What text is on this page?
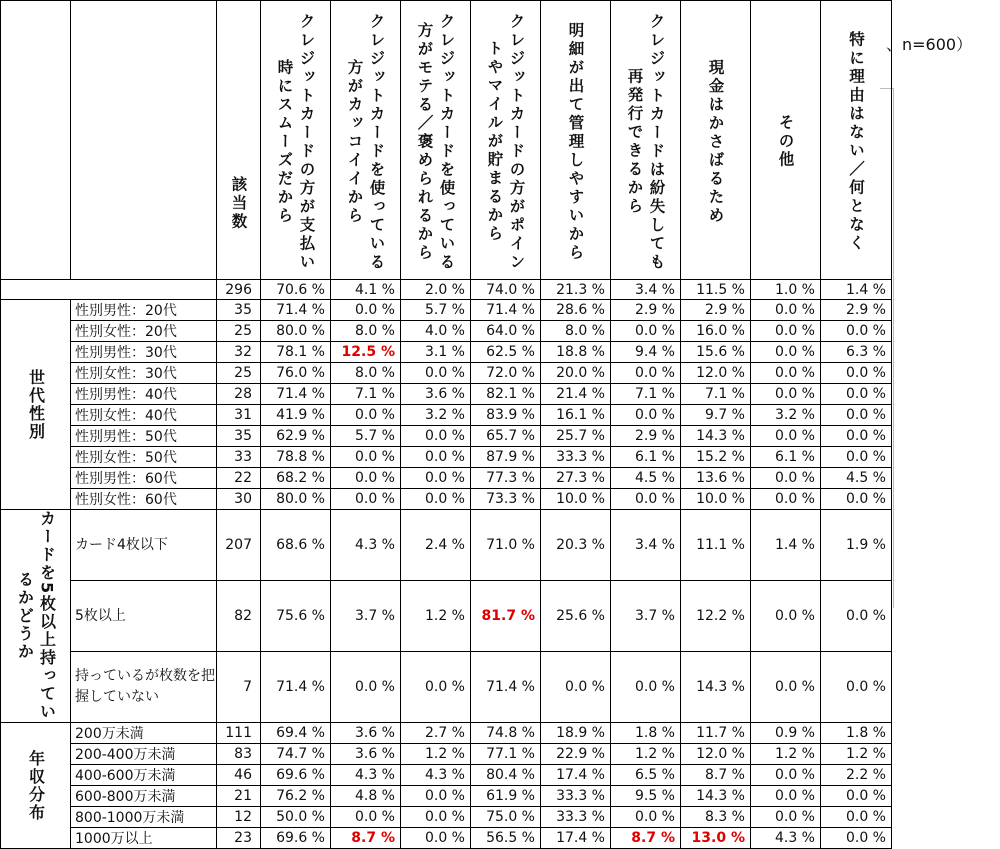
、n=600）

		該当数	クレジットカードの方が支払い時にスムーズだから	クレジットカードを使っている方がカッコイイから	クレジットカードを使っている方がモテる／褒められるから	クレジットカードの方がポイントやマイルが貯まるから	明細が出て管理しやすいから	クレジットカードは紛失しても再発行できるから	現金はかさばるため	その他	特に理由はない／何となく

		296	70.6 %	4.1 %	2.0 %	74.0 %	21.3 %	3.4 %	11.5 %	1.0 %	1.4 %

世代性別	性別男性：20代	35	71.4 %	0.0 %	5.7 %	71.4 %	28.6 %	2.9 %	2.9 %	0.0 %	2.9 %
	性別女性：20代	25	80.0 %	8.0 %	4.0 %	64.0 %	8.0 %	0.0 %	16.0 %	0.0 %	0.0 %
	性別男性：30代	32	78.1 %	12.5 %	3.1 %	62.5 %	18.8 %	9.4 %	15.6 %	0.0 %	6.3 %
	性別女性：30代	25	76.0 %	8.0 %	0.0 %	72.0 %	20.0 %	0.0 %	12.0 %	0.0 %	0.0 %
	性別男性：40代	28	71.4 %	7.1 %	3.6 %	82.1 %	21.4 %	7.1 %	7.1 %	0.0 %	0.0 %
	性別女性：40代	31	41.9 %	0.0 %	3.2 %	83.9 %	16.1 %	0.0 %	9.7 %	3.2 %	0.0 %
	性別男性：50代	35	62.9 %	5.7 %	0.0 %	65.7 %	25.7 %	2.9 %	14.3 %	0.0 %	0.0 %
	性別女性：50代	33	78.8 %	0.0 %	0.0 %	87.9 %	33.3 %	6.1 %	15.2 %	6.1 %	0.0 %
	性別男性：60代	22	68.2 %	0.0 %	0.0 %	77.3 %	27.3 %	4.5 %	13.6 %	0.0 %	4.5 %
	性別女性：60代	30	80.0 %	0.0 %	0.0 %	73.3 %	10.0 %	0.0 %	10.0 %	0.0 %	0.0 %

カードを5枚以上持っているかどうか	カード4枚以下	207	68.6 %	4.3 %	2.4 %	71.0 %	20.3 %	3.4 %	11.1 %	1.4 %	1.9 %
	5枚以上	82	75.6 %	3.7 %	1.2 %	81.7 %	25.6 %	3.7 %	12.2 %	0.0 %	0.0 %
	持っているが枚数を把握していない	7	71.4 %	0.0 %	0.0 %	71.4 %	0.0 %	0.0 %	14.3 %	0.0 %	0.0 %

年収分布	200万未満	111	69.4 %	3.6 %	2.7 %	74.8 %	18.9 %	1.8 %	11.7 %	0.9 %	1.8 %
	200-400万未満	83	74.7 %	3.6 %	1.2 %	77.1 %	22.9 %	1.2 %	12.0 %	1.2 %	1.2 %
	400-600万未満	46	69.6 %	4.3 %	4.3 %	80.4 %	17.4 %	6.5 %	8.7 %	0.0 %	2.2 %
	600-800万未満	21	76.2 %	4.8 %	0.0 %	61.9 %	33.3 %	9.5 %	14.3 %	0.0 %	0.0 %
	800-1000万未満	12	50.0 %	0.0 %	0.0 %	75.0 %	33.3 %	0.0 %	8.3 %	0.0 %	0.0 %
	1000万以上	23	69.6 %	8.7 %	0.0 %	56.5 %	17.4 %	8.7 %	13.0 %	4.3 %	0.0 %
